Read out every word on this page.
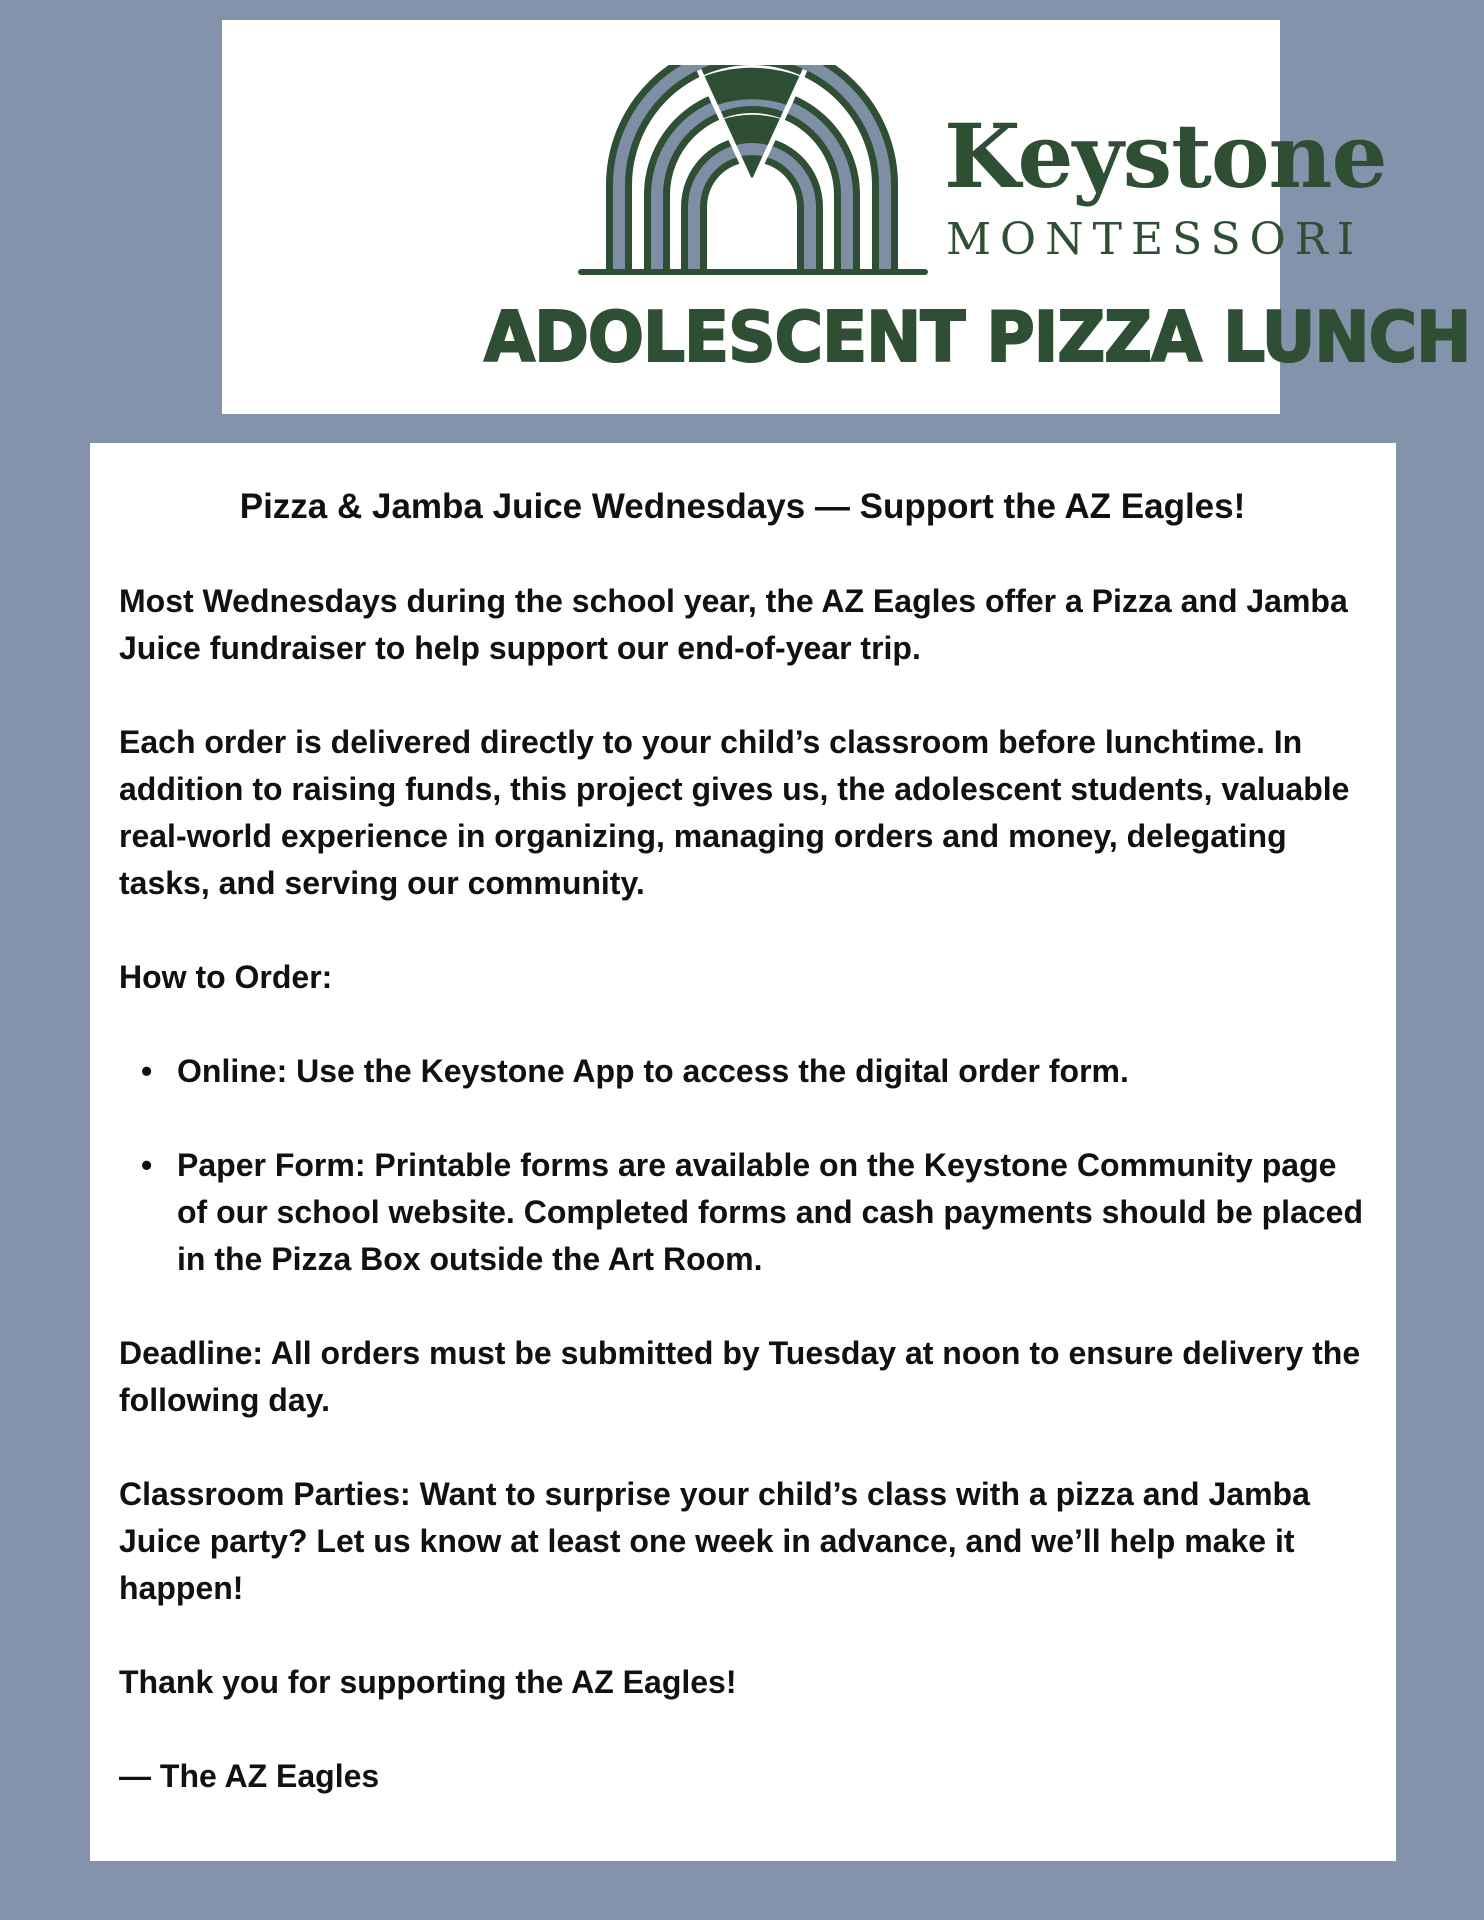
Keystone
MONTESSORI
ADOLESCENT PIZZA LUNCH
Pizza & Jamba Juice Wednesdays — Support the AZ Eagles!

Most Wednesdays during the school year, the AZ Eagles offer a Pizza and Jamba Juice fundraiser to help support our end-of-year trip.

Each order is delivered directly to your child’s classroom before lunchtime. In addition to raising funds, this project gives us, the adolescent students, valuable real-world experience in organizing, managing orders and money, delegating tasks, and serving our community.

How to Order:

• Online: Use the Keystone App to access the digital order form.
• Paper Form: Printable forms are available on the Keystone Community page of our school website. Completed forms and cash payments should be placed in the Pizza Box outside the Art Room.

Deadline: All orders must be submitted by Tuesday at noon to ensure delivery the following day.

Classroom Parties: Want to surprise your child’s class with a pizza and Jamba Juice party? Let us know at least one week in advance, and we’ll help make it happen!

Thank you for supporting the AZ Eagles!

— The AZ Eagles
